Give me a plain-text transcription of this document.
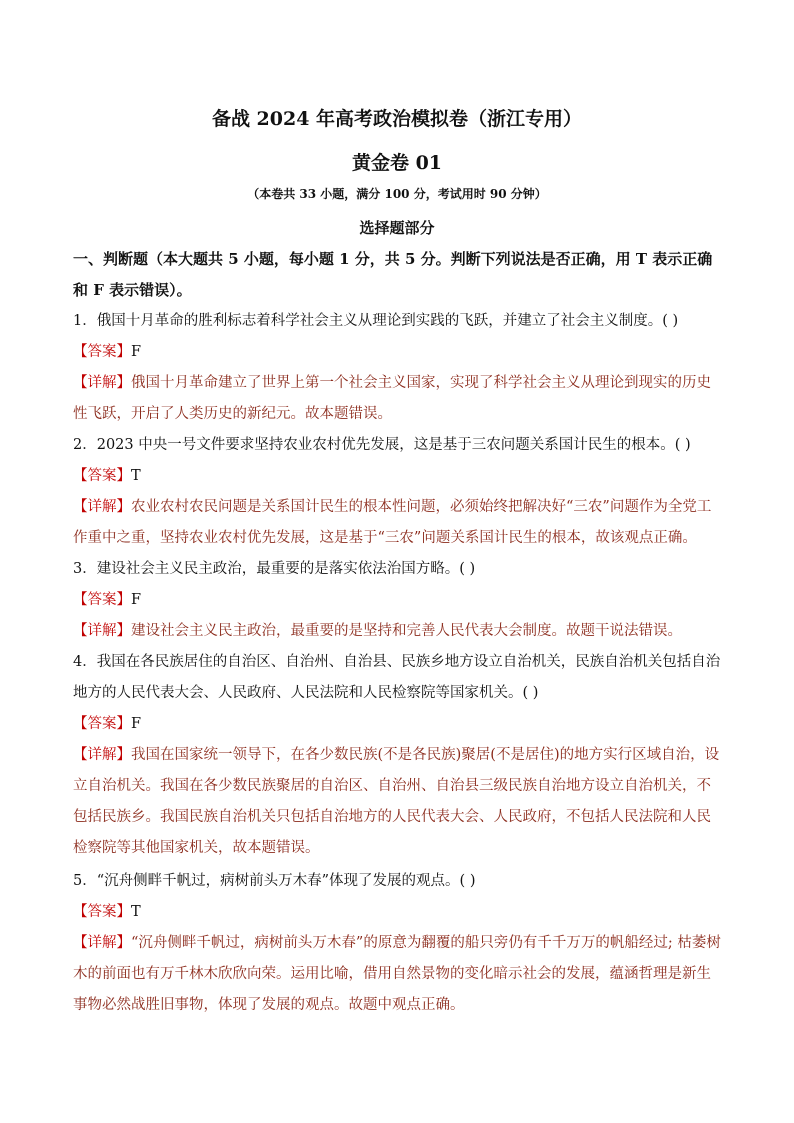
备战 2024 年高考政治模拟卷（浙江专用）
黄金卷 01
（本卷共 33 小题，满分 100 分，考试用时 90 分钟）
选择题部分
一、判断题（本大题共 5 小题，每小题 1 分，共 5 分。判断下列说法是否正确，用 T 表示正确和 F 表示错误）。
1．俄国十月革命的胜利标志着科学社会主义从理论到实践的飞跃，并建立了社会主义制度。( )
【答案】F
【详解】俄国十月革命建立了世界上第一个社会主义国家，实现了科学社会主义从理论到现实的历史性飞跃，开启了人类历史的新纪元。故本题错误。
2．2023 中央一号文件要求坚持农业农村优先发展，这是基于三农问题关系国计民生的根本。( )
【答案】T
【详解】农业农村农民问题是关系国计民生的根本性问题，必须始终把解决好“三农”问题作为全党工作重中之重，坚持农业农村优先发展，这是基于“三农”问题关系国计民生的根本，故该观点正确。
3．建设社会主义民主政治，最重要的是落实依法治国方略。( )
【答案】F
【详解】建设社会主义民主政治，最重要的是坚持和完善人民代表大会制度。故题干说法错误。
4．我国在各民族居住的自治区、自治州、自治县、民族乡地方设立自治机关，民族自治机关包括自治地方的人民代表大会、人民政府、人民法院和人民检察院等国家机关。( )
【答案】F
【详解】我国在国家统一领导下，在各少数民族(不是各民族)聚居(不是居住)的地方实行区域自治，设立自治机关。我国在各少数民族聚居的自治区、自治州、自治县三级民族自治地方设立自治机关，不包括民族乡。我国民族自治机关只包括自治地方的人民代表大会、人民政府，不包括人民法院和人民检察院等其他国家机关，故本题错误。
5．“沉舟侧畔千帆过，病树前头万木春”体现了发展的观点。( )
【答案】T
【详解】“沉舟侧畔千帆过，病树前头万木春”的原意为翻覆的船只旁仍有千千万万的帆船经过; 枯萎树木的前面也有万千林木欣欣向荣。运用比喻，借用自然景物的变化暗示社会的发展，蕴涵哲理是新生事物必然战胜旧事物，体现了发展的观点。故题中观点正确。
